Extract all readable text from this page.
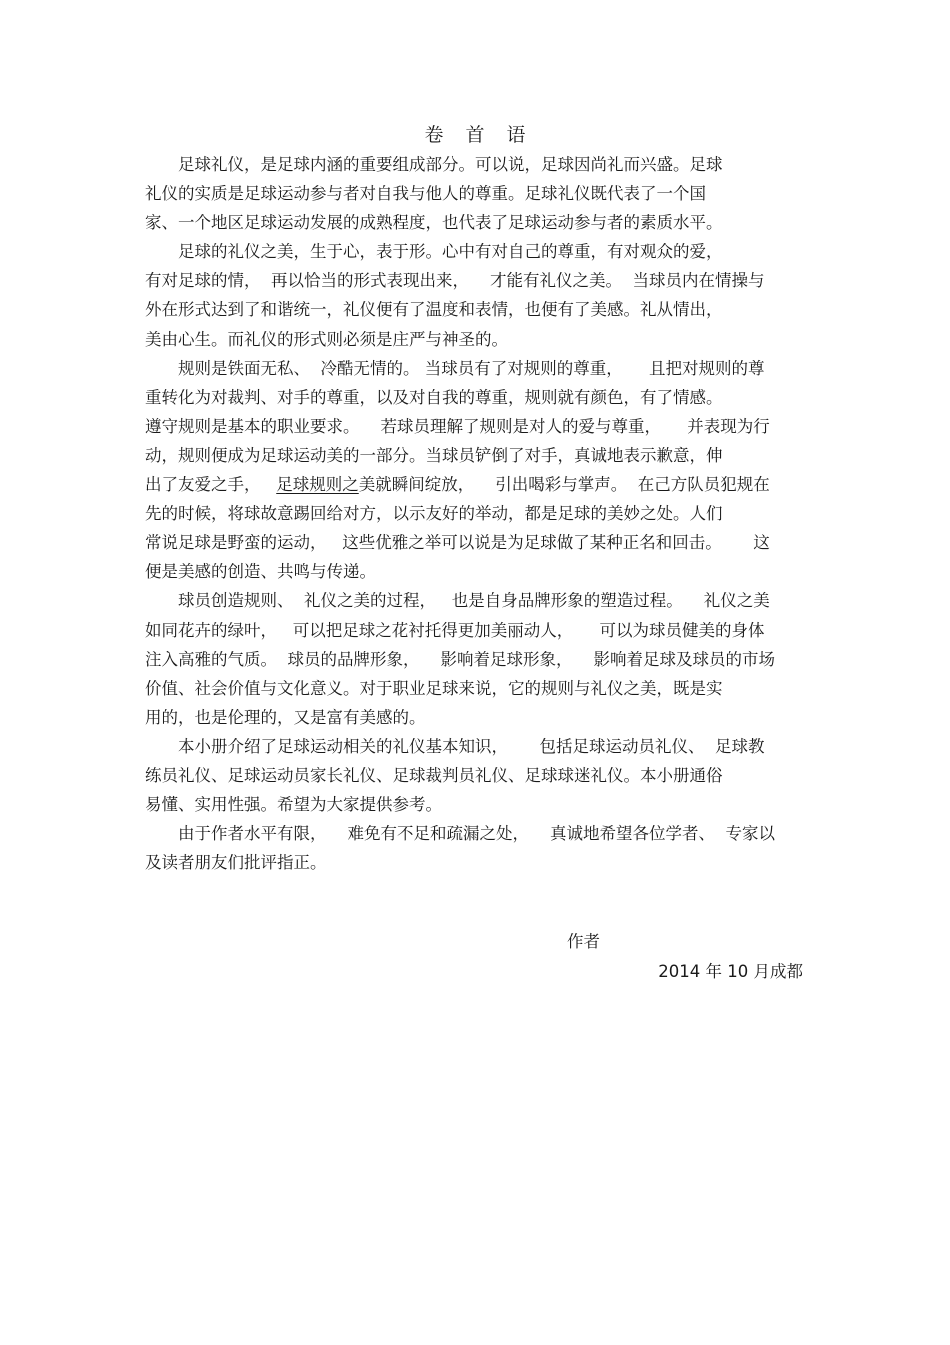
卷 首 语
　　足球礼仪，是足球内涵的重要组成部分。可以说，足球因尚礼而兴盛。足球
礼仪的实质是足球运动参与者对自我与他人的尊重。足球礼仪既代表了一个国
家、一个地区足球运动发展的成熟程度，也代表了足球运动参与者的素质水平。
　　足球的礼仪之美，生于心，表于形。心中有对自己的尊重，有对观众的爱，
有对足球的情，  再以恰当的形式表现出来，    才能有礼仪之美。  当球员内在情操与
外在形式达到了和谐统一，礼仪便有了温度和表情，也便有了美感。礼从情出，
美由心生。而礼仪的形式则必须是庄严与神圣的。
　　规则是铁面无私、  冷酷无情的。 当球员有了对规则的尊重，     且把对规则的尊
重转化为对裁判、对手的尊重，以及对自我的尊重，规则就有颜色，有了情感。
遵守规则是基本的职业要求。    若球员理解了规则是对人的爱与尊重，     并表现为行
动，规则便成为足球运动美的一部分。当球员铲倒了对手，真诚地表示歉意，伸
出了友爱之手，   足球规则之美就瞬间绽放，    引出喝彩与掌声。  在己方队员犯规在
先的时候，将球故意踢回给对方，以示友好的举动，都是足球的美妙之处。人们
常说足球是野蛮的运动，   这些优雅之举可以说是为足球做了某种正名和回击。      这
便是美感的创造、共鸣与传递。
　　球员创造规则、  礼仪之美的过程，   也是自身品牌形象的塑造过程。    礼仪之美
如同花卉的绿叶，   可以把足球之花衬托得更加美丽动人，     可以为球员健美的身体
注入高雅的气质。  球员的品牌形象，    影响着足球形象，    影响着足球及球员的市场
价值、社会价值与文化意义。对于职业足球来说，它的规则与礼仪之美，既是实
用的，也是伦理的，又是富有美感的。
　　本小册介绍了足球运动相关的礼仪基本知识，      包括足球运动员礼仪、  足球教
练员礼仪、足球运动员家长礼仪、足球裁判员礼仪、足球球迷礼仪。本小册通俗
易懂、实用性强。希望为大家提供参考。
　　由于作者水平有限，    难免有不足和疏漏之处，    真诚地希望各位学者、  专家以
及读者朋友们批评指正。
作者
2014 年 10 月成都
